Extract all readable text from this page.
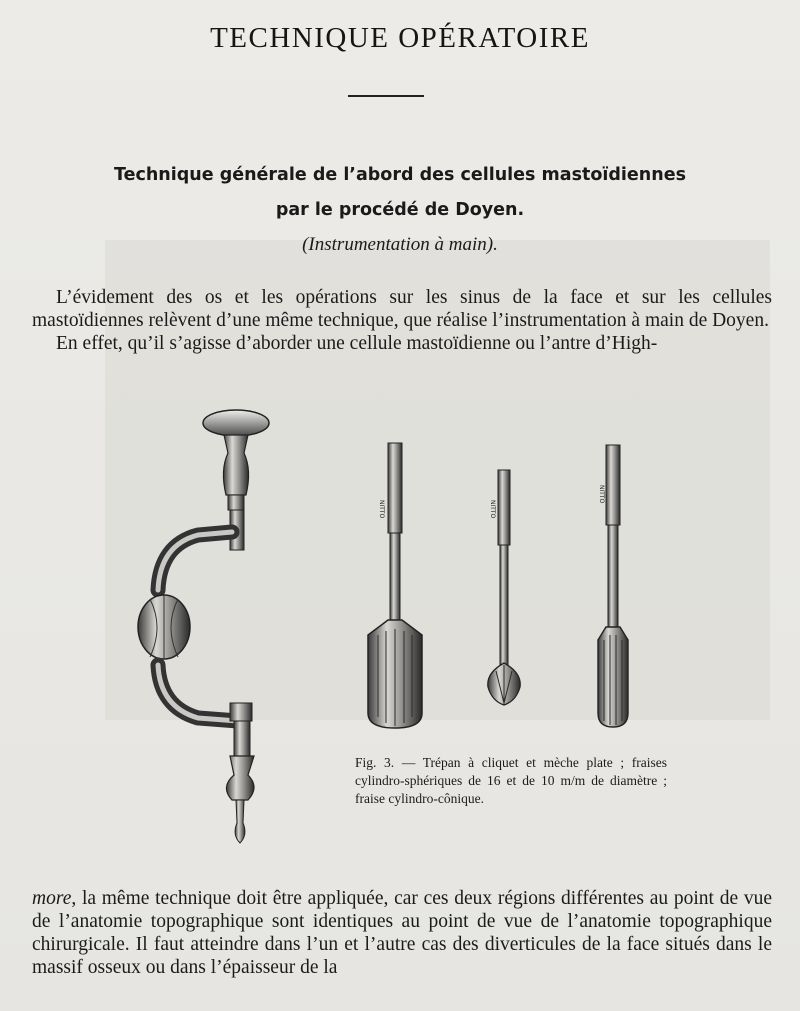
TECHNIQUE OPÉRATOIRE
Technique générale de l’abord des cellules mastoïdiennes
par le procédé de Doyen.
(Instrumentation à main).

L’évidement des os et les opérations sur les sinus de la face et sur les cellules mastoïdiennes relèvent d’une même technique, que réalise l’instrumentation à main de Doyen.

En effet, qu’il s’agisse d’aborder une cellule mastoïdienne ou l’antre d’High-

NITTO	NITTO
NITTO
Fig. 3. — Trépan à cliquet et mèche plate ; fraises cylindro-sphériques de 16 et de 10 m/m de diamètre ; fraise cylindro-cônique.

more, la même technique doit être appliquée, car ces deux régions différentes au point de vue de l’anatomie topographique sont identiques au point de vue de l’anatomie topographique chirurgicale. Il faut atteindre dans l’un et l’autre cas des diverticules de la face situés dans le massif osseux ou dans l’épaisseur de la
